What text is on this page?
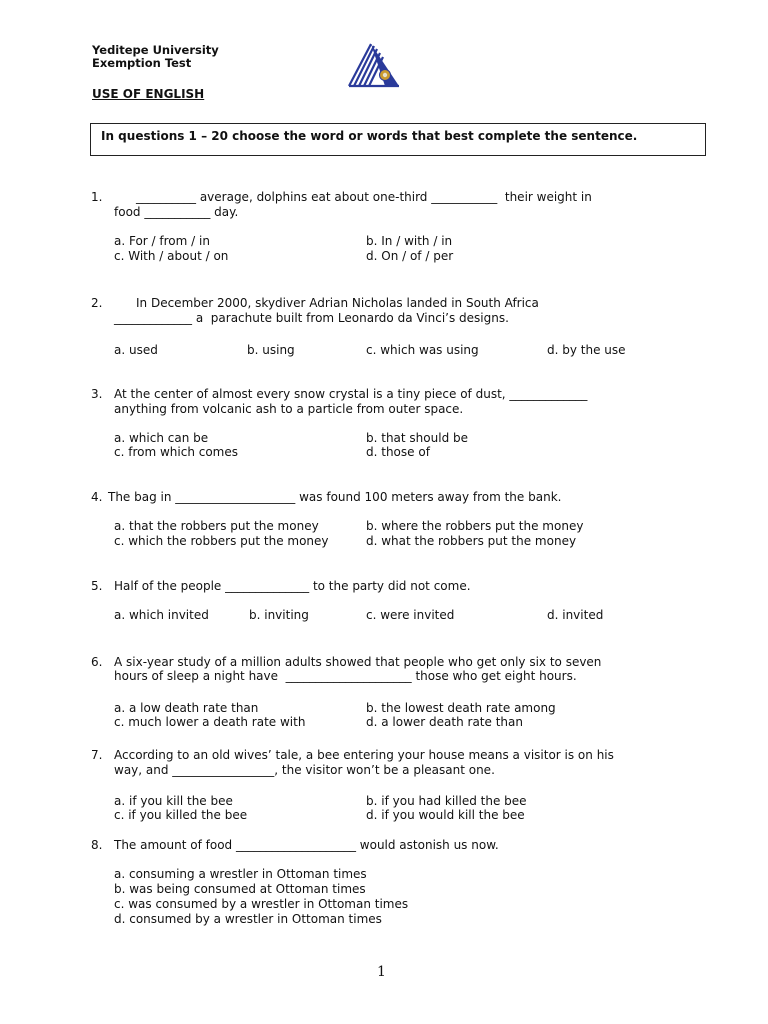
Yeditepe University
Exemption Test
USE OF ENGLISH
In questions 1 – 20 choose the word or words that best complete the sentence.
1.	__________ average, dolphins eat about one-third ___________  their weight in
food ___________ day.
a. For / from / in	b. In / with / in
c. With / about / on	d. On / of / per
2.	In December 2000, skydiver Adrian Nicholas landed in South Africa
_____________ a  parachute built from Leonardo da Vinci’s designs.
a. used	b. using	c. which was using	d. by the use
3. At the center of almost every snow crystal is a tiny piece of dust, _____________
anything from volcanic ash to a particle from outer space.
a. which can be	b. that should be
c. from which comes	d. those of
4. The bag in ____________________ was found 100 meters away from the bank.
a. that the robbers put the money	b. where the robbers put the money
c. which the robbers put the money	d. what the robbers put the money
5. Half of the people ______________ to the party did not come.
a. which invited	b. inviting	c. were invited	d. invited
6. A six-year study of a million adults showed that people who get only six to seven
hours of sleep a night have  _____________________ those who get eight hours.
a. a low death rate than	b. the lowest death rate among
c. much lower a death rate with	d. a lower death rate than
7. According to an old wives’ tale, a bee entering your house means a visitor is on his
way, and _________________, the visitor won’t be a pleasant one.
a. if you kill the bee	b. if you had killed the bee
c. if you killed the bee	d. if you would kill the bee
8. The amount of food ____________________ would astonish us now.
a. consuming a wrestler in Ottoman times
b. was being consumed at Ottoman times
c. was consumed by a wrestler in Ottoman times
d. consumed by a wrestler in Ottoman times
1
